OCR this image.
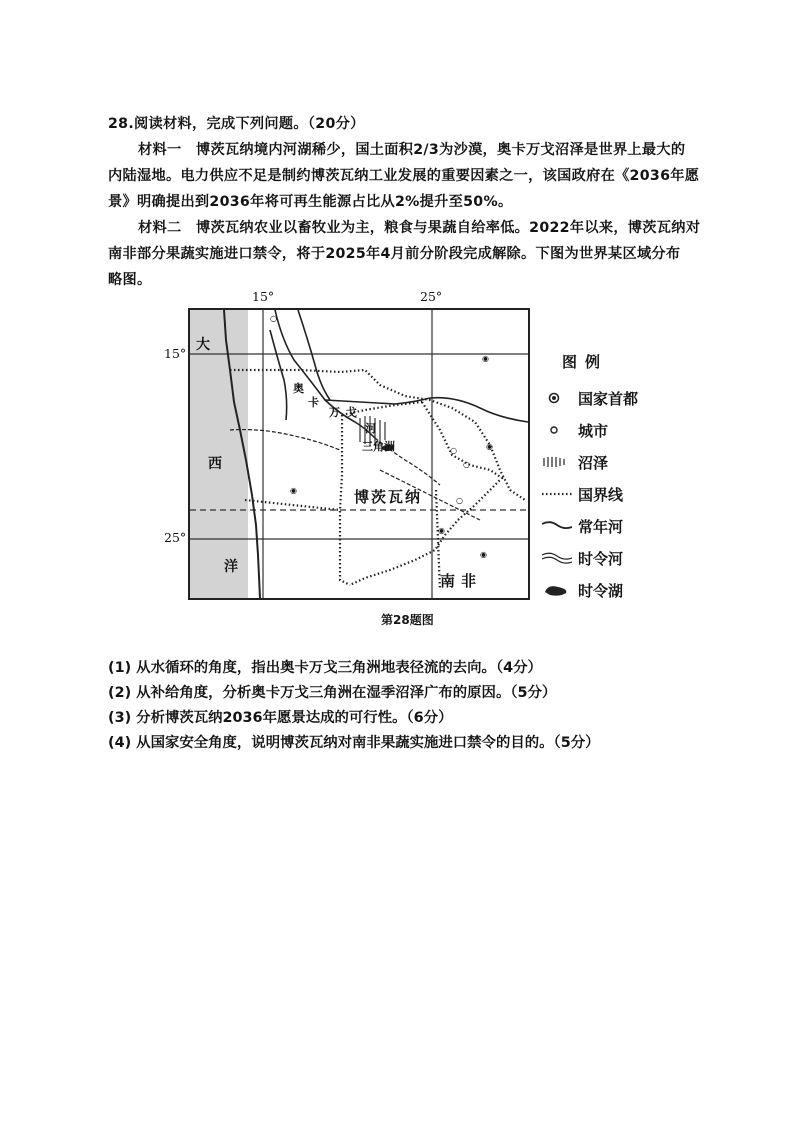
28.阅读材料，完成下列问题。（20分）
材料一　博茨瓦纳境内河湖稀少，国土面积2/3为沙漠，奥卡万戈沼泽是世界上最大的
内陆湿地。电力供应不足是制约博茨瓦纳工业发展的重要因素之一，该国政府在《2036年愿
景》明确提出到2036年将可再生能源占比从2%提升至50%。
材料二　博茨瓦纳农业以畜牧业为主，粮食与果蔬自给率低。2022年以来，博茨瓦纳对
南非部分果蔬实施进口禁令，将于2025年4月前分阶段完成解除。下图为世界某区域分布
略图。
15°	25°
15°
25°
◉
◉
◉
◉
◉
○
○
○
○
大
西
洋
奥
卡
万 戈
河
三角洲
博茨瓦纳
南非
图例
国家首都
城市
沼泽
国界线
常年河
时令河
时令湖
第28题图
(1) 从水循环的角度，指出奥卡万戈三角洲地表径流的去向。（4分）
(2) 从补给角度，分析奥卡万戈三角洲在湿季沼泽广布的原因。（5分）
(3) 分析博茨瓦纳2036年愿景达成的可行性。（6分）
(4) 从国家安全角度，说明博茨瓦纳对南非果蔬实施进口禁令的目的。（5分）
